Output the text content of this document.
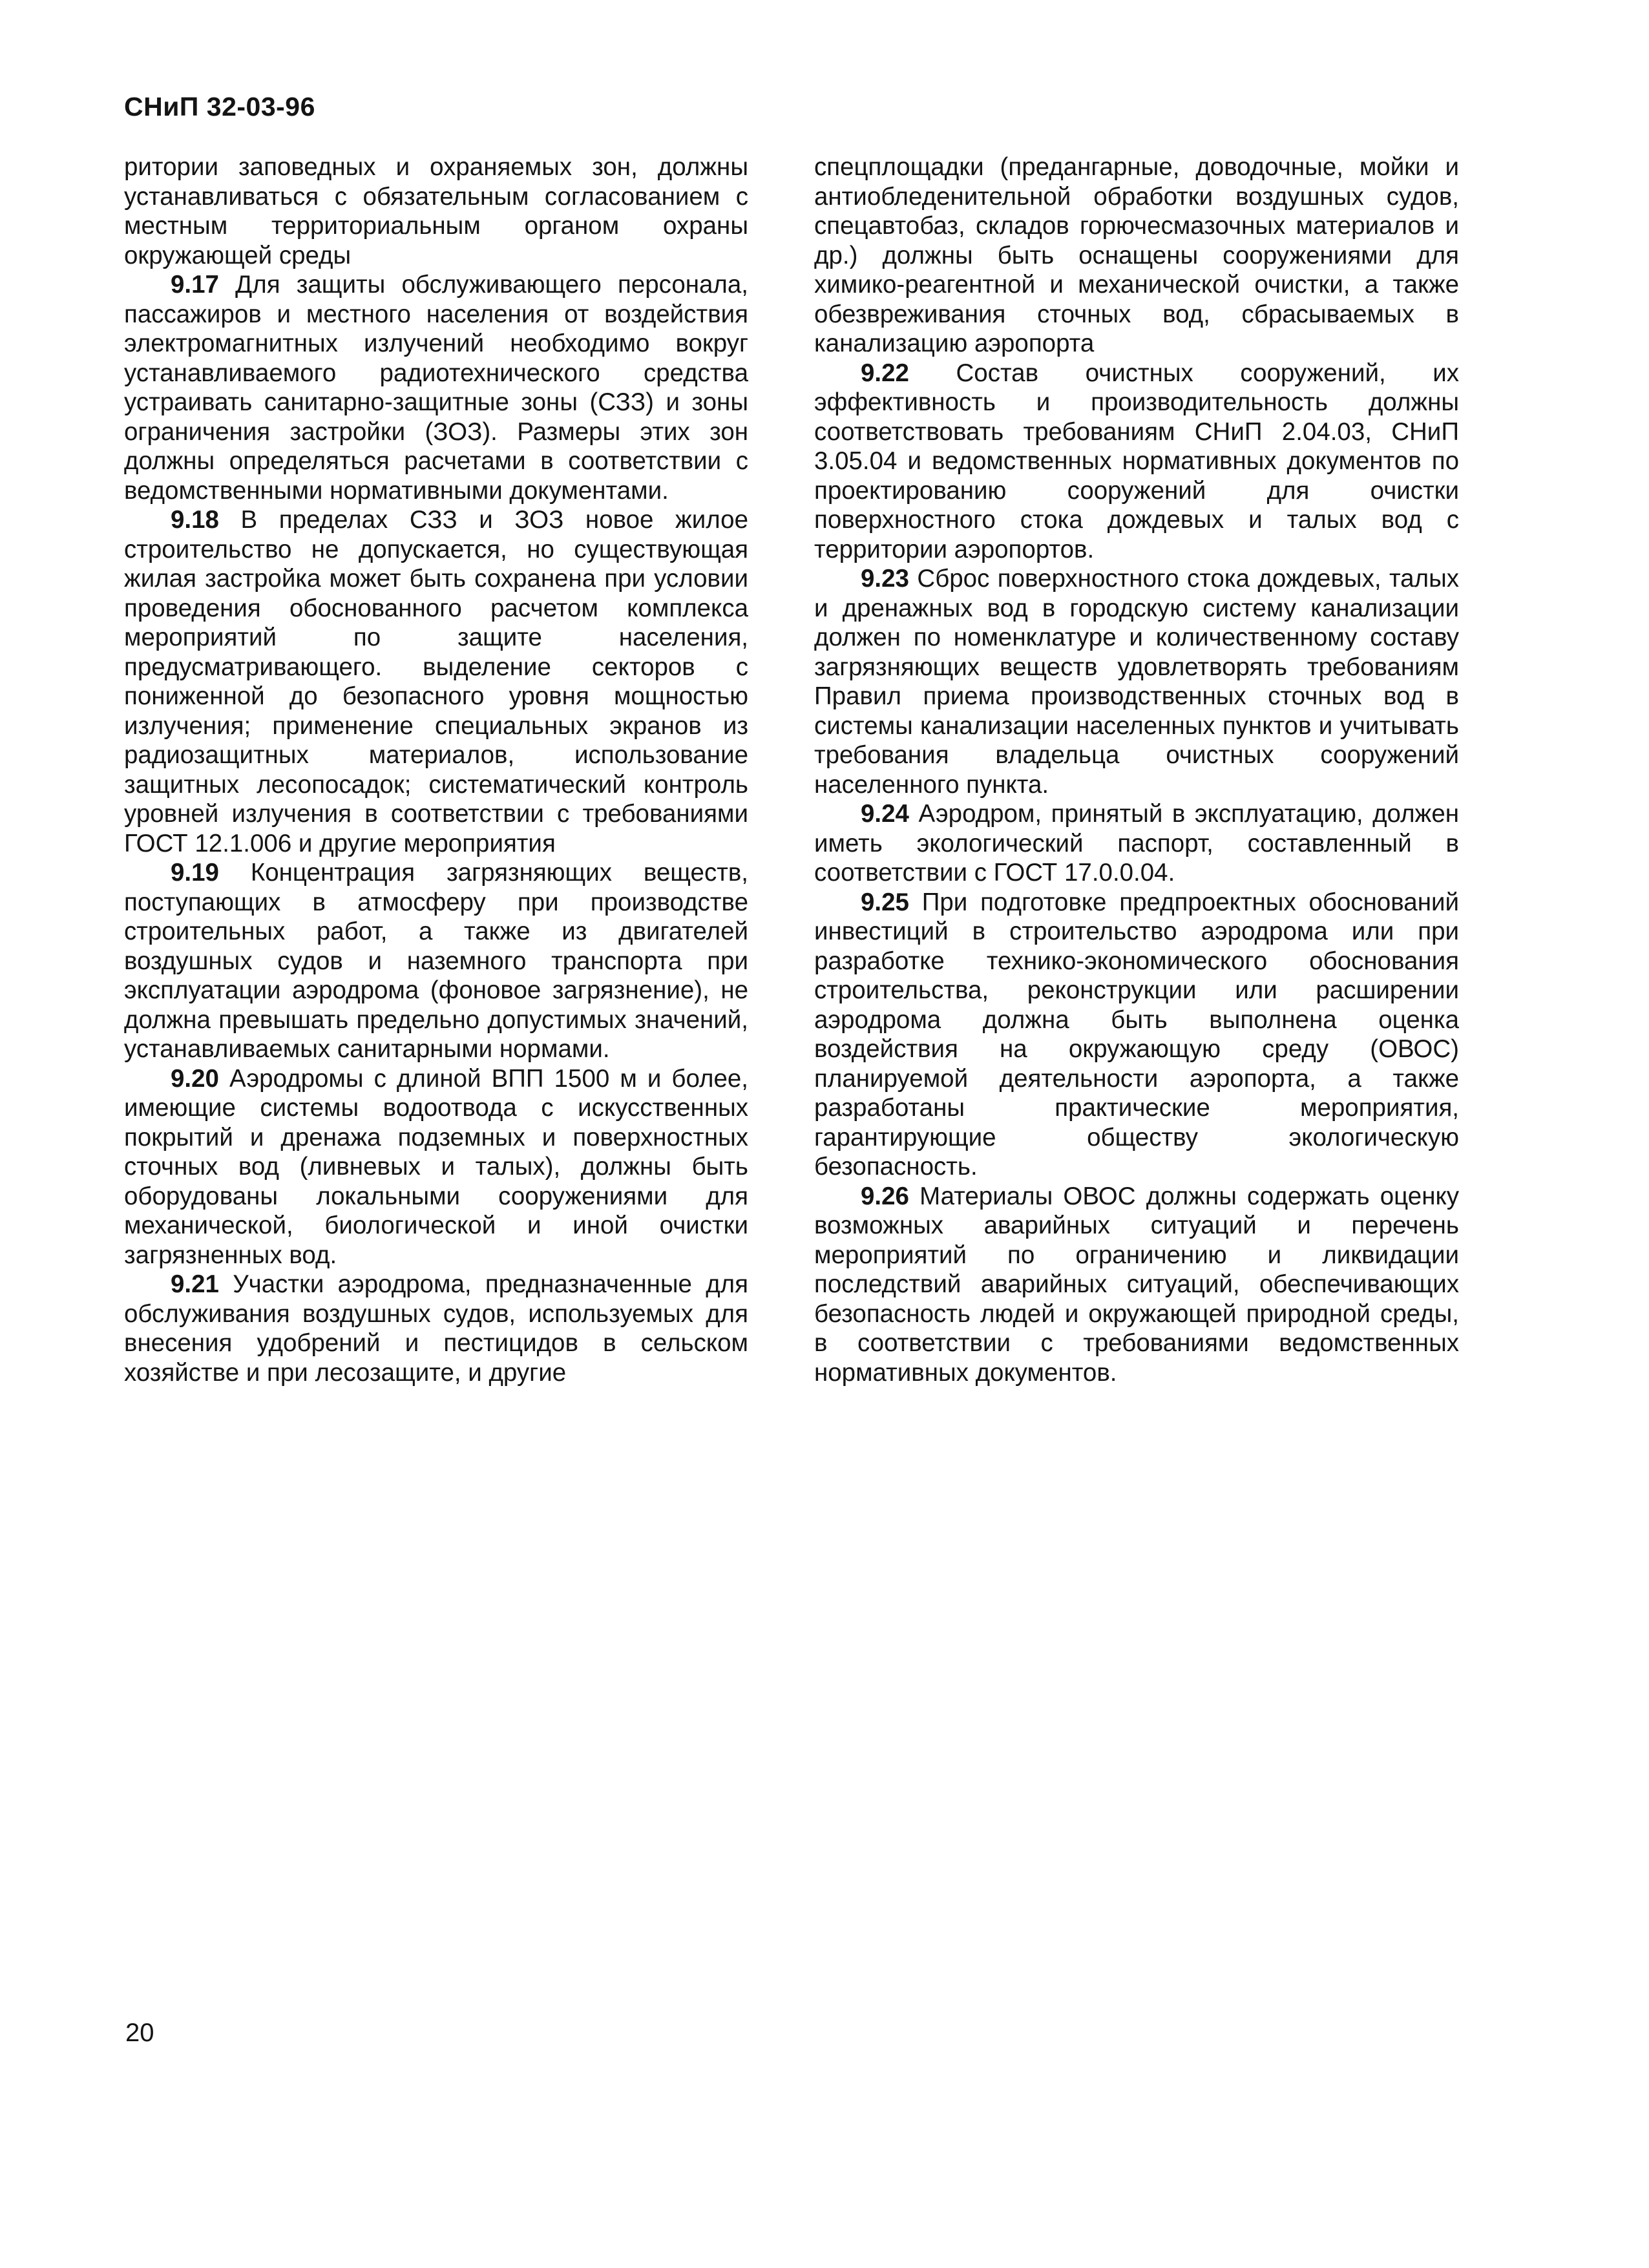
СНиП 32-03-96

ритории заповедных и охраняемых зон, должны устанавливаться с обязательным согласованием с местным территориальным органом охраны окружающей среды

9.17 Для защиты обслуживающего персонала, пассажиров и местного населения от воздействия электромагнитных излучений необходимо вокруг устанавливаемого радиотехнического средства устраивать санитарно-защитные зоны (СЗЗ) и зоны ограничения застройки (ЗОЗ). Размеры этих зон должны определяться расчетами в соответствии с ведомственными нормативными документами.

9.18 В пределах СЗЗ и ЗОЗ новое жилое строительство не допускается, но существующая жилая застройка может быть сохранена при условии проведения обоснованного расчетом комплекса мероприятий по защите населения, предусматривающего. выделение секторов с пониженной до безопасного уровня мощностью излучения; применение специальных экранов из радиозащитных материалов, использование защитных лесопосадок; систематический контроль уровней излучения в соответствии с требованиями ГОСТ 12.1.006 и другие мероприятия

9.19 Концентрация загрязняющих веществ, поступающих в атмосферу при производстве строительных работ, а также из двигателей воздушных судов и наземного транспорта при эксплуатации аэродрома (фоновое загрязнение), не должна превышать предельно допустимых значений, устанавливаемых санитарными нормами.

9.20 Аэродромы с длиной ВПП 1500 м и более, имеющие системы водоотвода с искусственных покрытий и дренажа подземных и поверхностных сточных вод (ливневых и талых), должны быть оборудованы локальными сооружениями для механической, биологической и иной очистки загрязненных вод.

9.21 Участки аэродрома, предназначенные для обслуживания воздушных судов, используемых для внесения удобрений и пестицидов в сельском хозяйстве и при лесозащите, и другие

спецплощадки (предангарные, доводочные, мойки и антиобледенительной обработки воздушных судов, спецавтобаз, складов горючесмазочных материалов и др.) должны быть оснащены сооружениями для химико-реагентной и механической очистки, а также обезвреживания сточных вод, сбрасываемых в канализацию аэропорта

9.22 Состав очистных сооружений, их эффективность и производительность должны соответствовать требованиям СНиП 2.04.03, СНиП 3.05.04 и ведомственных нормативных документов по проектированию сооружений для очистки поверхностного стока дождевых и талых вод с территории аэропортов.

9.23 Сброс поверхностного стока дождевых, талых и дренажных вод в городскую систему канализации должен по номенклатуре и количественному составу загрязняющих веществ удовлетворять требованиям Правил приема производственных сточных вод в системы канализации населенных пунктов и учитывать требования владельца очистных сооружений населенного пункта.

9.24 Аэродром, принятый в эксплуатацию, должен иметь экологический паспорт, составленный в соответствии с ГОСТ 17.0.0.04.

9.25 При подготовке предпроектных обоснований инвестиций в строительство аэродрома или при разработке технико-экономического обоснования строительства, реконструкции или расширении аэродрома должна быть выполнена оценка воздействия на окружающую среду (ОВОС) планируемой деятельности аэропорта, а также разработаны практические мероприятия, гарантирующие обществу экологическую безопасность.

9.26 Материалы ОВОС должны содержать оценку возможных аварийных ситуаций и перечень мероприятий по ограничению и ликвидации последствий аварийных ситуаций, обеспечивающих безопасность людей и окружающей природной среды, в соответствии с требованиями ведомственных нормативных документов.

20
